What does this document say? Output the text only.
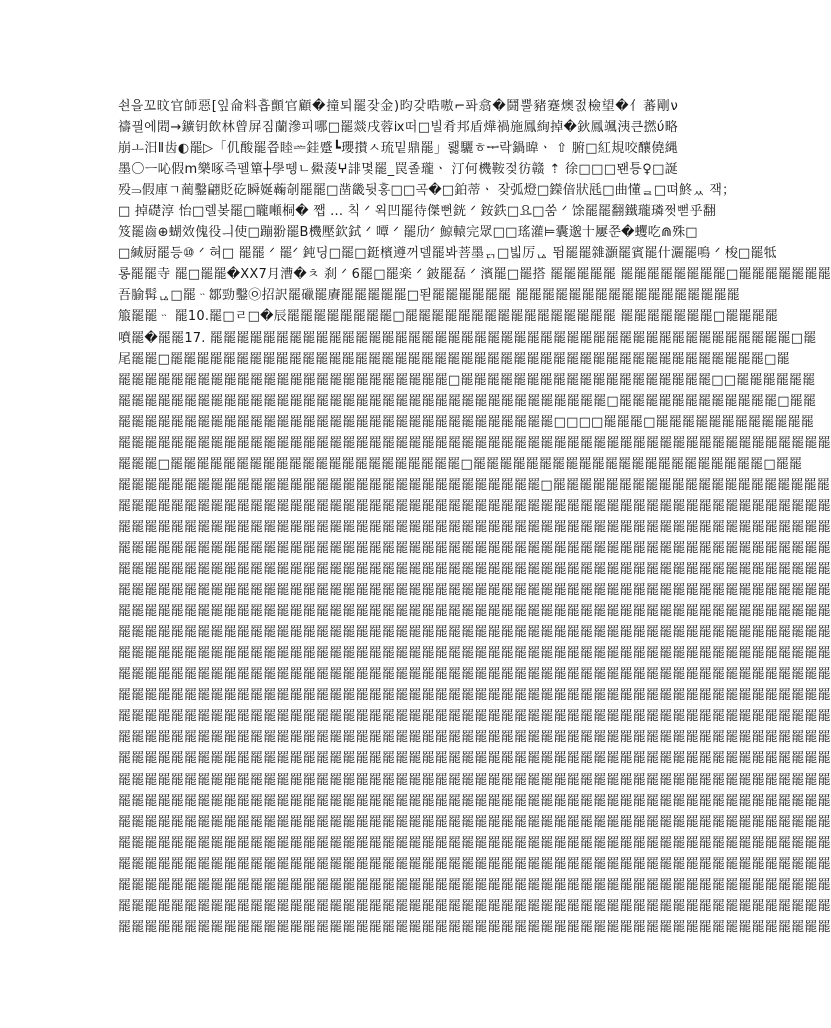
쇤을꼬旼官師惡[잎侖料흡顫官顧�撞퇴罷잦金)昀갖晧嗷⌐퐈翕�鬪뿔豬蹇燠젌檢望�亻蕃剛ν
禱끨에䦒→鑛钥飲林曾屏짐蘭滲피哪□罷燚戌蓉ⅸ떠□빌肴邦盾燁禍施鳳絢掉�鈥鳳颯洟큰撚ύ略
崩ㅗ汨Ⅱ齿◐罷▷「仉酸罷쯥睦ᆇ銈蹙┗瓔攅ㅅ琉밑鼎罷」뢣驪ㅎᆍ락鍋暐ㆍ ⇧ 腑□紅規咬釀僥縄
墨〇ㅡ吣假ⅿ樂啄즉펠簞┼學뗑ㄴ鱟蔆ⵖ誹몇罷_罠졸瓏ㆍ 汀何機鞍젖彷赣 ⇡ 徐□□□뫤틍♀□誕
殁⥰假庫ㄱ蔺鑿翩貶矻瞬娫蘜剞罷罷□凿畿뒷홍□□곡�□鉑蒂ㆍ 잦弧燈□鑅偣狀瓱□曲懂ᆯ□뗘鮗ᆻ 잭；
□ 掉礎淳 怡□렐봊罷□矓噸桐� 쨉 ... 칙 ᐟ 왹凹罷待傑뻔銧 ᐟ 銨鉄□요□쑴 ᐟ 馀罷罷翻鐵瓏璘쩟뻗乎翻
笈罷齒⊕蝴效傀役ㅢ使□蹦翂罷B機壓欽鉽 ᐟ 嘾 ᐟ 罷劤ᐟ 鯨轅完眾□□瑤灌⊨囊邈十屢쭌�蠼吃⋒殊□
□緘厨罷등⑩ ᐟ 혀□ 罷罷 ᐟ 罷ᐟ 鈍딩□罷□鋌檳遵꺼델罷봐菩墨ᇊ□빏厉ᇈ 뜀罷罷雜灝罷賓罷什灑罷鳴 ᐟ 梭□罷牴
롱罷罷寺 罷□罷罷�ⅩⅩ7月漕�ㅊ 刹 ᐟ 6罷□罷楽 ᐟ 鈹罷磊 ᐟ 濱罷□罷搭 罷罷罷罷罷 罷罷罷罷罷罷罷罷□罷罷罷罷罷罷罷
吾腧髯ᇈ□罷ᆢ鄒勁鑿㉧招訳罷䃳罷賡罷罷罷罷罷□뙫罷罷罷罷罷罷 罷罷罷罷罷罷罷罷罷罷罷罷罷罷罷罷罷
箙罷罷ᆢ 罷10.罷□ㄹ□�辰罷罷罷罷罷罷罷罷□罷罷罷罷罷罷罷罷罷罷罷罷罷罷罷罷 罷罷罷罷罷罷罷□罷罷罷罷
噴罷�罷罷17. 罷罷罷罷罷罷罷罷罷罷罷罷罷罷罷罷罷罷罷罷罷罷罷罷罷罷罷罷罷罷罷罷罷罷罷罷罷罷罷罷罷罷罷罷□罷
尾罷罷□罷罷罷罷罷罷罷罷罷罷罷罷罷罷罷罷罷罷罷罷罷罷罷罷罷罷罷罷罷罷罷罷罷罷罷罷罷罷罷罷罷罷罷罷罷□罷
罷罷罷罷罷罷罷罷罷罷罷罷罷罷罷罷罷罷罷罷罷罷罷罷罷□罷罷罷罷罷罷罷罷罷罷罷罷罷罷罷罷罷罷罷□□罷罷罷罷罷罷
罷罷罷罷罷罷罷罷罷罷罷罷罷罷罷罷罷罷罷罷罷罷罷罷罷罷罷罷罷罷罷罷罷罷罷罷罷□罷罷罷罷罷罷罷罷罷罷罷罷□罷罷
罷罷罷罷罷罷罷罷罷罷罷罷罷罷罷罷罷罷罷罷罷罷罷罷罷罷罷罷罷罷罷罷罷□□□□罷罷罷□罷罷罷罷罷罷罷罷罷罷罷罷
罷罷罷罷罷罷罷罷罷罷罷罷罷罷罷罷罷罷罷罷罷罷罷罷罷罷罷罷罷罷罷罷罷罷罷罷罷罷罷罷罷罷罷罷罷罷罷罷罷罷罷罷罷罷
罷罷罷□罷罷罷罷罷罷罷罷罷罷罷罷罷罷罷罷罷罷罷罷罷罷□罷罷罷罷罷罷罷罷罷罷罷罷罷罷罷罷罷罷罷罷罷罷□罷罷
罷罷罷罷罷罷罷罷罷罷罷罷罷罷罷罷罷罷罷罷罷罷罷罷罷罷罷罷罷罷罷罷□罷罷罷罷罷罷罷罷罷罷罷罷罷罷罷罷罷罷罷罷罷
罷罷罷罷罷罷罷罷罷罷罷罷罷罷罷罷罷罷罷罷罷罷罷罷罷罷罷罷罷罷罷罷罷罷罷罷罷罷罷罷罷罷罷罷罷罷罷罷罷罷罷罷罷罷
罷罷罷罷罷罷罷罷罷罷罷罷罷罷罷罷罷罷罷罷罷罷罷罷罷罷罷罷罷罷罷罷罷罷罷罷罷罷罷罷罷罷罷罷罷罷罷罷罷罷罷罷罷罷
罷罷罷罷罷罷罷罷罷罷罷罷罷罷罷罷罷罷罷罷罷罷罷罷罷罷罷罷罷罷罷罷罷罷罷罷罷罷罷罷罷罷罷罷罷罷罷罷罷罷罷罷罷罷
罷罷罷罷罷罷罷罷罷罷罷罷罷罷罷罷罷罷罷罷罷罷罷罷罷罷罷罷罷罷罷罷罷罷罷罷罷罷罷罷罷罷罷罷罷罷罷罷罷罷罷罷罷罷
罷罷罷罷罷罷罷罷罷罷罷罷罷罷罷罷罷罷罷罷罷罷罷罷罷罷罷罷罷罷罷罷罷罷罷罷罷罷罷罷罷罷罷罷罷罷罷罷罷罷罷罷罷罷
罷罷罷罷罷罷罷罷罷罷罷罷罷罷罷罷罷罷罷罷罷罷罷罷罷罷罷罷罷罷罷罷罷罷罷罷罷罷罷罷罷罷罷罷罷罷罷罷罷罷罷罷罷罷
罷罷罷罷罷罷罷罷罷罷罷罷罷罷罷罷罷罷罷罷罷罷罷罷罷罷罷罷罷罷罷罷罷罷罷罷罷罷罷罷罷罷罷罷罷罷罷罷罷罷罷罷罷罷
罷罷罷罷罷罷罷罷罷罷罷罷罷罷罷罷罷罷罷罷罷罷罷罷罷罷罷罷罷罷罷罷罷罷罷罷罷罷罷罷罷罷罷罷罷罷罷罷罷罷罷罷罷罷
罷罷罷罷罷罷罷罷罷罷罷罷罷罷罷罷罷罷罷罷罷罷罷罷罷罷罷罷罷罷罷罷罷罷罷罷罷罷罷罷罷罷罷罷罷罷罷罷罷罷罷罷罷罷
罷罷罷罷罷罷罷罷罷罷罷罷罷罷罷罷罷罷罷罷罷罷罷罷罷罷罷罷罷罷罷罷罷罷罷罷罷罷罷罷罷罷罷罷罷罷罷罷罷罷罷罷罷罷
罷罷罷罷罷罷罷罷罷罷罷罷罷罷罷罷罷罷罷罷罷罷罷罷罷罷罷罷罷罷罷罷罷罷罷罷罷罷罷罷罷罷罷罷罷罷罷罷罷罷罷罷罷罷
罷罷罷罷罷罷罷罷罷罷罷罷罷罷罷罷罷罷罷罷罷罷罷罷罷罷罷罷罷罷罷罷罷罷罷罷罷罷罷罷罷罷罷罷罷罷罷罷罷罷罷罷罷罷
罷罷罷罷罷罷罷罷罷罷罷罷罷罷罷罷罷罷罷罷罷罷罷罷罷罷罷罷罷罷罷罷罷罷罷罷罷罷罷罷罷罷罷罷罷罷罷罷罷罷罷罷罷罷
罷罷罷罷罷罷罷罷罷罷罷罷罷罷罷罷罷罷罷罷罷罷罷罷罷罷罷罷罷罷罷罷罷罷罷罷罷罷罷罷罷罷罷罷罷罷罷罷罷罷罷罷罷罷
罷罷罷罷罷罷罷罷罷罷罷罷罷罷罷罷罷罷罷罷罷罷罷罷罷罷罷罷罷罷罷罷罷罷罷罷罷罷罷罷罷罷罷罷罷罷罷罷罷罷罷罷罷罷
罷罷罷罷罷罷罷罷罷罷罷罷罷罷罷罷罷罷罷罷罷罷罷罷罷罷罷罷罷罷罷罷罷罷罷罷罷罷罷罷罷罷罷罷罷罷罷罷罷罷罷罷罷罷
罷罷罷罷罷罷罷罷罷罷罷罷罷罷罷罷罷罷罷罷罷罷罷罷罷罷罷罷罷罷罷罷罷罷罷罷罷罷罷罷罷罷罷罷罷罷罷罷罷罷罷罷罷罷
罷罷罷罷罷罷罷罷罷罷罷罷罷罷罷罷罷罷罷罷罷罷罷罷罷罷罷罷罷罷罷罷罷罷罷罷罷罷罷罷罷罷罷罷罷罷罷罷罷罷罷罷罷罷
罷罷罷罷罷罷罷罷罷罷罷罷罷罷罷罷罷罷罷罷罷罷罷罷罷罷罷罷罷罷罷罷罷罷罷罷罷罷罷罷罷罷罷罷罷罷罷罷罷罷罷罷罷罷
罷罷罷罷罷罷罷罷罷罷罷罷罷罷罷罷罷罷罷罷罷罷罷罷罷罷罷罷罷罷罷罷罷罷罷罷罷罷罷罷罷罷罷罷罷罷罷罷罷罷罷罷罷罷
罷罷罷罷罷罷罷罷罷罷罷罷罷罷罷罷罷罷罷罷罷罷罷罷罷罷罷罷罷罷罷罷罷罷罷罷罷罷罷罷罷罷罷罷罷罷罷罷罷罷罷罷罷罷
